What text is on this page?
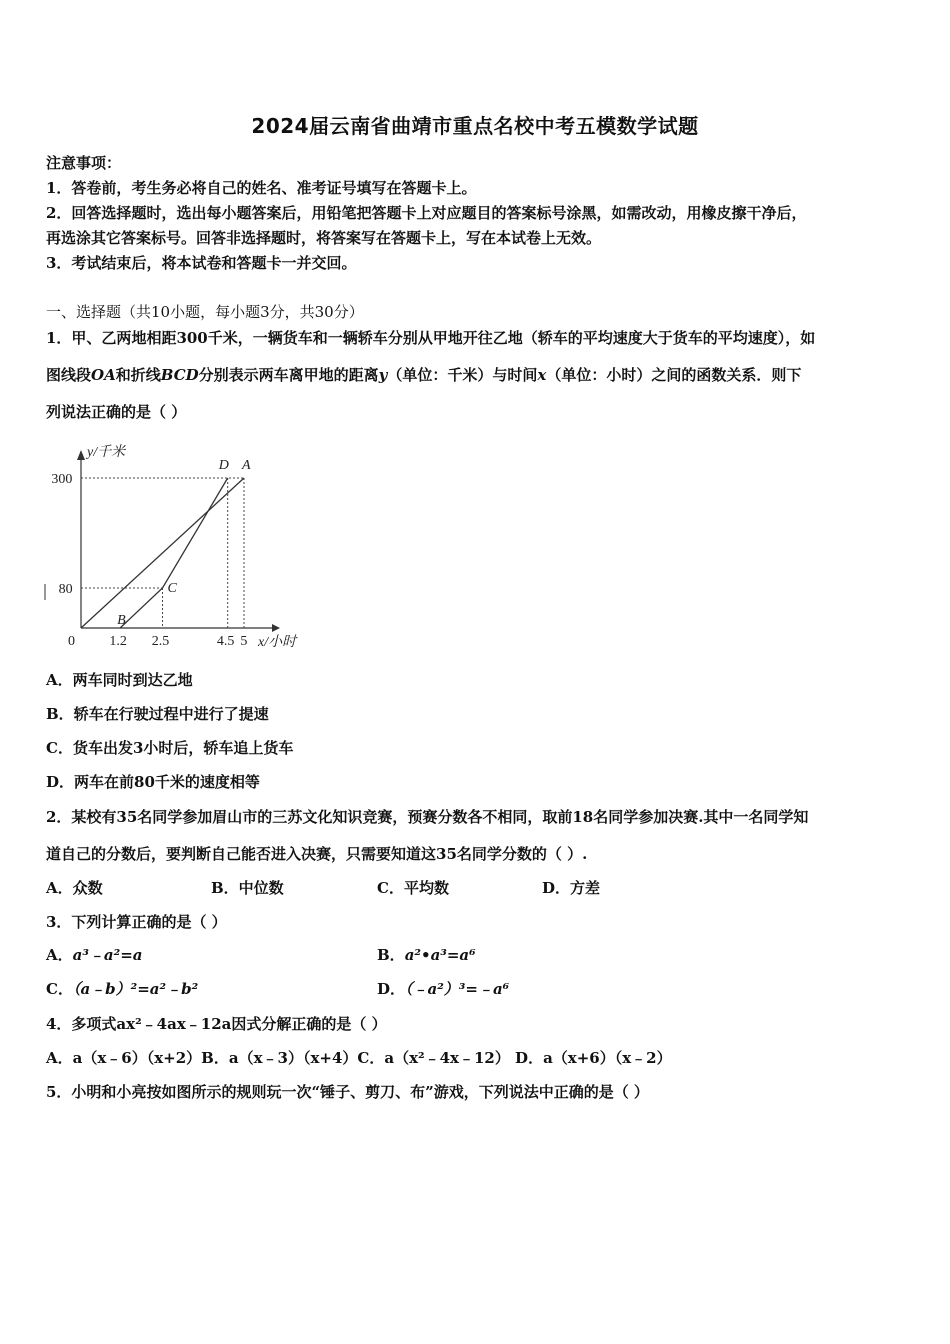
2024届云南省曲靖市重点名校中考五模数学试题
注意事项：
1．答卷前，考生务必将自己的姓名、准考证号填写在答题卡上。
2．回答选择题时，选出每小题答案后，用铅笔把答题卡上对应题目的答案标号涂黑，如需改动，用橡皮擦干净后，
再选涂其它答案标号。回答非选择题时，将答案写在答题卡上，写在本试卷上无效。
3．考试结束后，将本试卷和答题卡一并交回。
一、选择题（共10小题，每小题3分，共30分）
1．甲、乙两地相距300千米，一辆货车和一辆轿车分别从甲地开往乙地（轿车的平均速度大于货车的平均速度），如
图线段OA和折线BCD分别表示两车离甲地的距离y（单位：千米）与时间x（单位：小时）之间的函数关系．则下
列说法正确的是（ ）
0 1.2 2.5	4.5 5
80
300
y/千米
x/小时
D A
C
B
A．两车同时到达乙地
B．轿车在行驶过程中进行了提速
C．货车出发3小时后，轿车追上货车
D．两车在前80千米的速度相等
2．某校有35名同学参加眉山市的三苏文化知识竞赛，预赛分数各不相同，取前18名同学参加决赛.其中一名同学知
道自己的分数后，要判断自己能否进入决赛，只需要知道这35名同学分数的（ ）.
A．众数	B．中位数	C．平均数	D．方差
3．下列计算正确的是（ ）
A．a³﹣a²=a	B．a²•a³=a⁶
C．（a﹣b）²=a²﹣b²	D．（﹣a²）³=﹣a⁶
4．多项式ax²﹣4ax﹣12a因式分解正确的是（ ）
A．a（x﹣6）（x+2）B．a（x﹣3）（x+4）C．a（x²﹣4x﹣12） D．a（x+6）（x﹣2）
5．小明和小亮按如图所示的规则玩一次“锤子、剪刀、布”游戏，下列说法中正确的是（ ）
